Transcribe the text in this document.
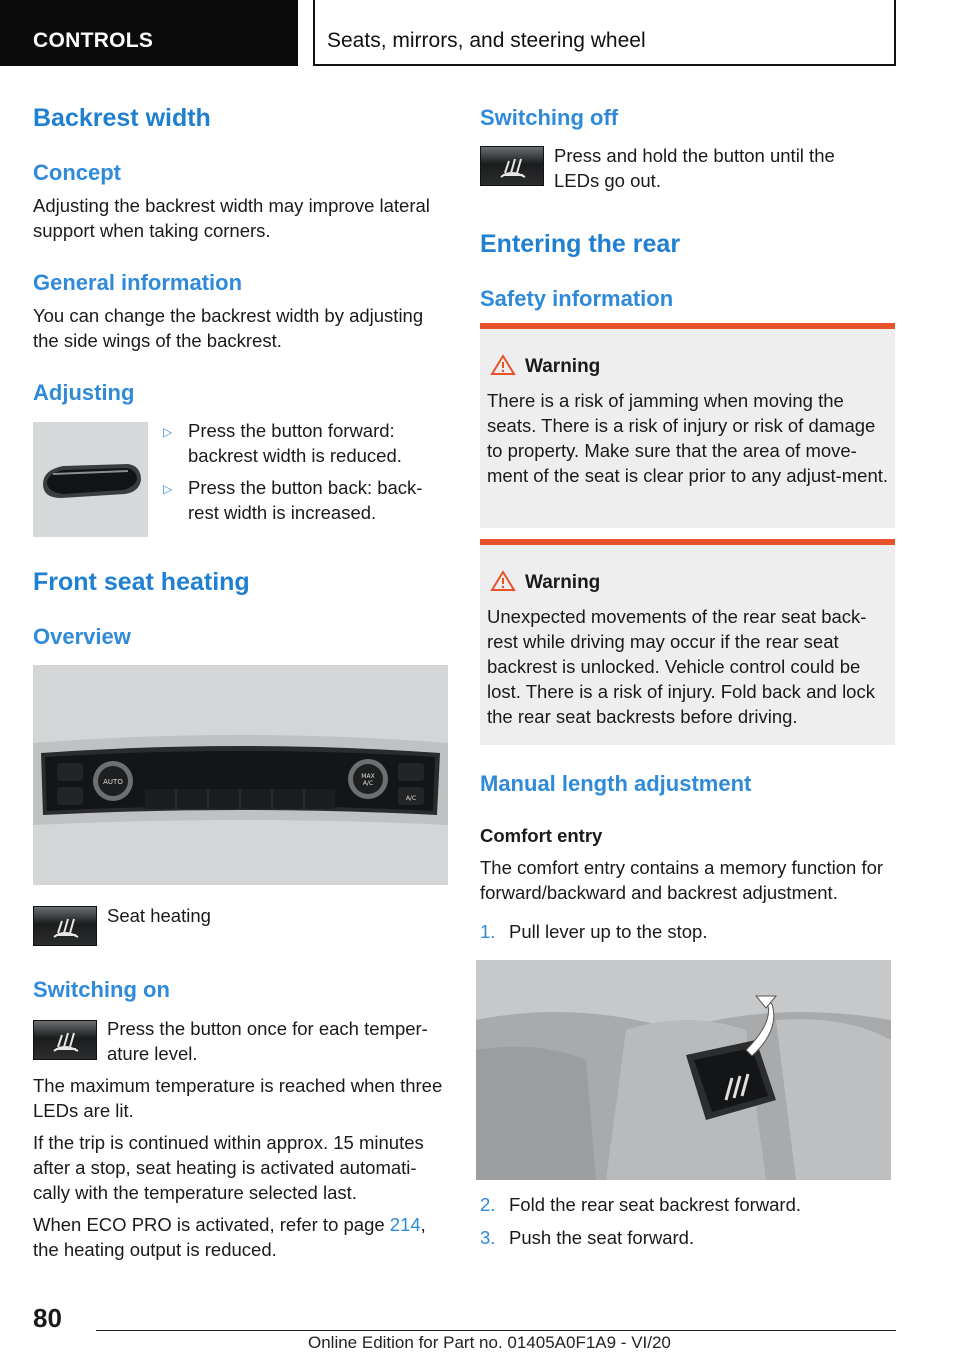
CONTROLS	Seats, mirrors, and steering wheel
Backrest width
Concept
Adjusting the backrest width may improve lateral support when taking corners.
General information
You can change the backrest width by adjusting the side wings of the backrest.
Adjusting
▷ Press the button forward: backrest width is reduced.
▷ Press the button back: back-rest width is increased.
Front seat heating
Overview
AUTO
MAX
A/C
A/C
Seat heating
Switching on
Press the button once for each temper-ature level.
The maximum temperature is reached when three LEDs are lit.
If the trip is continued within approx. 15 minutes after a stop, seat heating is activated automati-cally with the temperature selected last.
When ECO PRO is activated, refer to page 214,
the heating output is reduced.
Switching off
Press and hold the button until the LEDs go out.
Entering the rear
Safety information
Warning
There is a risk of jamming when moving the seats. There is a risk of injury or risk of damage to property. Make sure that the area of move-ment of the seat is clear prior to any adjust-ment.
Warning
Unexpected movements of the rear seat back-rest while driving may occur if the rear seat backrest is unlocked. Vehicle control could be lost. There is a risk of injury. Fold back and lock the rear seat backrests before driving.
Manual length adjustment
Comfort entry
The comfort entry contains a memory function for forward/backward and backrest adjustment.
1. Pull lever up to the stop.
2. Fold the rear seat backrest forward.
3. Push the seat forward.
80
Online Edition for Part no. 01405A0F1A9 - VI/20
